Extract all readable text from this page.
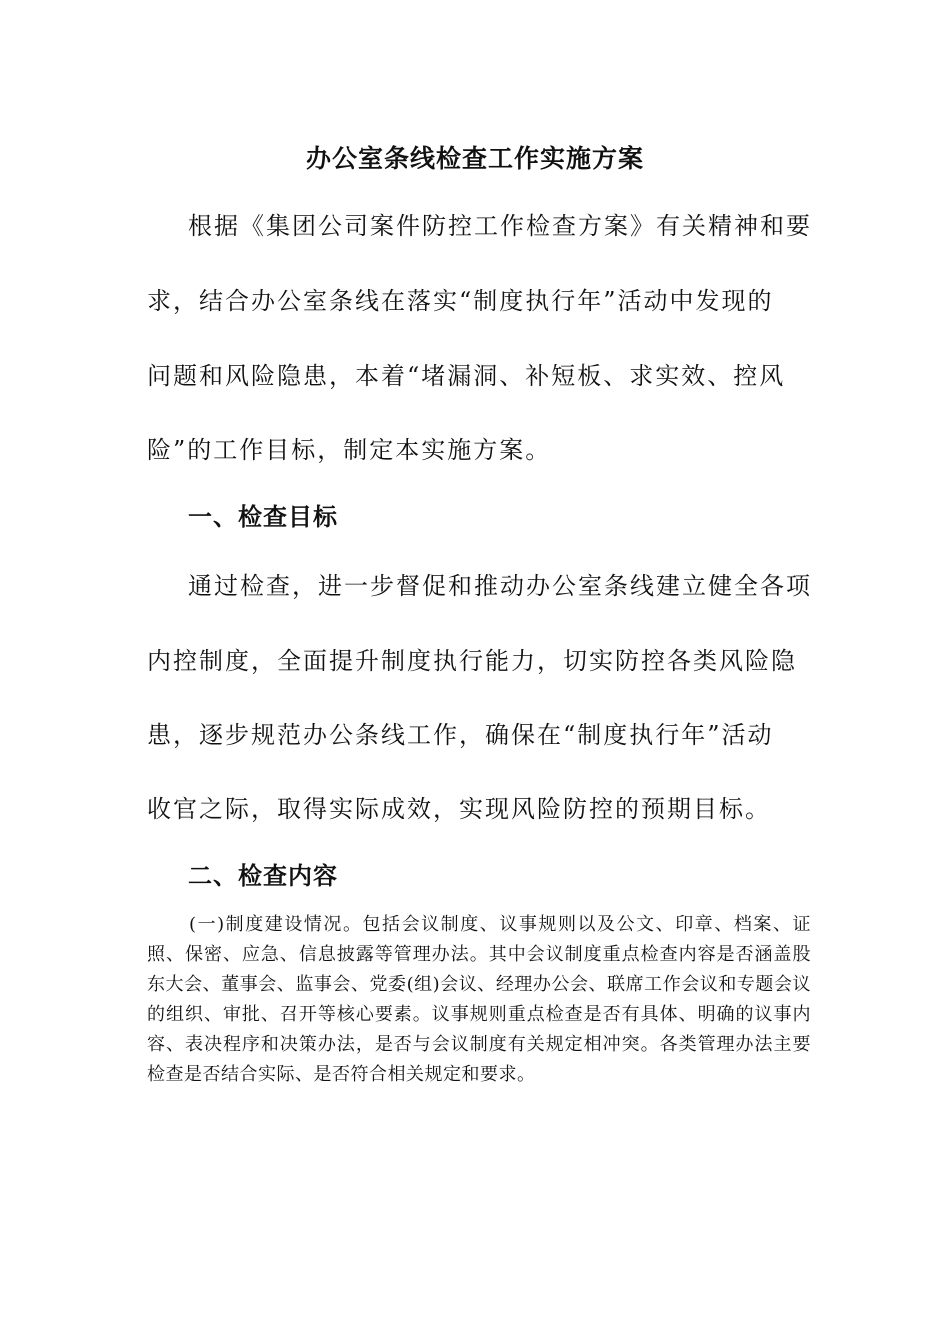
办公室条线检查工作实施方案

根据《集团公司案件防控工作检查方案》有关精神和要

求，结合办公室条线在落实“制度执行年”活动中发现的

问题和风险隐患，本着“堵漏洞、补短板、求实效、控风

险”的工作目标，制定本实施方案。

一、检查目标

通过检查，进一步督促和推动办公室条线建立健全各项

内控制度，全面提升制度执行能力，切实防控各类风险隐

患，逐步规范办公条线工作，确保在“制度执行年”活动

收官之际，取得实际成效，实现风险防控的预期目标。

二、检查内容

(一)制度建设情况。包括会议制度、议事规则以及公文、印章、档案、证照、保密、应急、信息披露等管理办法。其中会议制度重点检查内容是否涵盖股东大会、董事会、监事会、党委(组)会议、经理办公会、联席工作会议和专题会议的组织、审批、召开等核心要素。议事规则重点检查是否有具体、明确的议事内容、表决程序和决策办法，是否与会议制度有关规定相冲突。各类管理办法主要检查是否结合实际、是否符合相关规定和要求。
